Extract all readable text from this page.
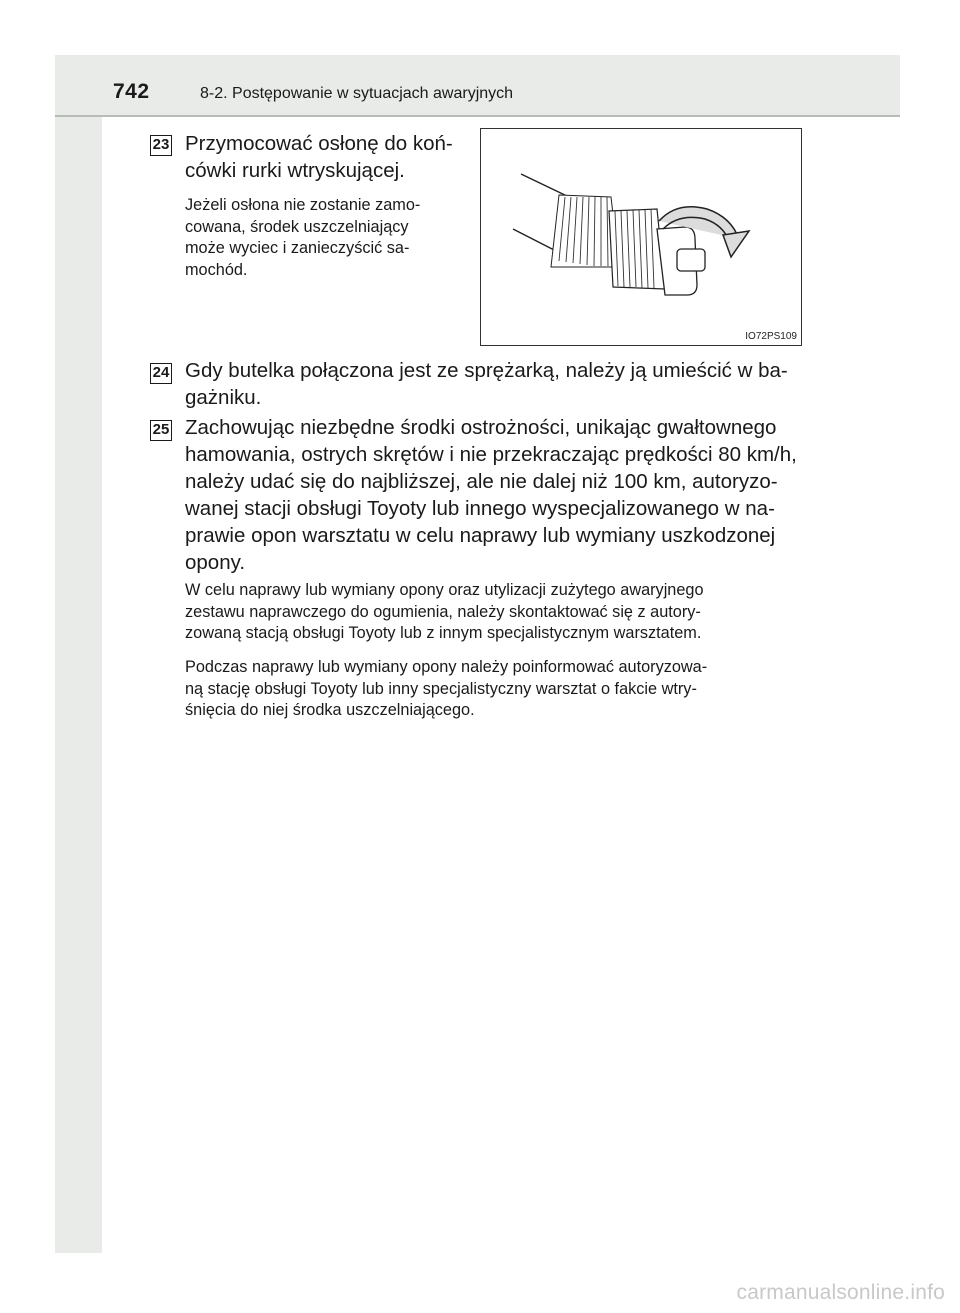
742	8-2. Postępowanie w sytuacjach awaryjnych
23 Przymocować osłonę do koń-
cówki rurki wtryskującej.
Jeżeli osłona nie zostanie zamo-
cowana, środek uszczelniający
może wyciec i zanieczyścić sa-
mochód.
IO72PS109
24 Gdy butelka połączona jest ze sprężarką, należy ją umieścić w ba-
gażniku.
25 Zachowując niezbędne środki ostrożności, unikając gwałtownego
hamowania, ostrych skrętów i nie przekraczając prędkości 80 km/h,
należy udać się do najbliższej, ale nie dalej niż 100 km, autoryzo-
wanej stacji obsługi Toyoty lub innego wyspecjalizowanego w na-
prawie opon warsztatu w celu naprawy lub wymiany uszkodzonej
opony.
W celu naprawy lub wymiany opony oraz utylizacji zużytego awaryjnego
zestawu naprawczego do ogumienia, należy skontaktować się z autory-
zowaną stacją obsługi Toyoty lub z innym specjalistycznym warsztatem.
Podczas naprawy lub wymiany opony należy poinformować autoryzowa-
ną stację obsługi Toyoty lub inny specjalistyczny warsztat o fakcie wtry-
śnięcia do niej środka uszczelniającego.
carmanualsonline.info
